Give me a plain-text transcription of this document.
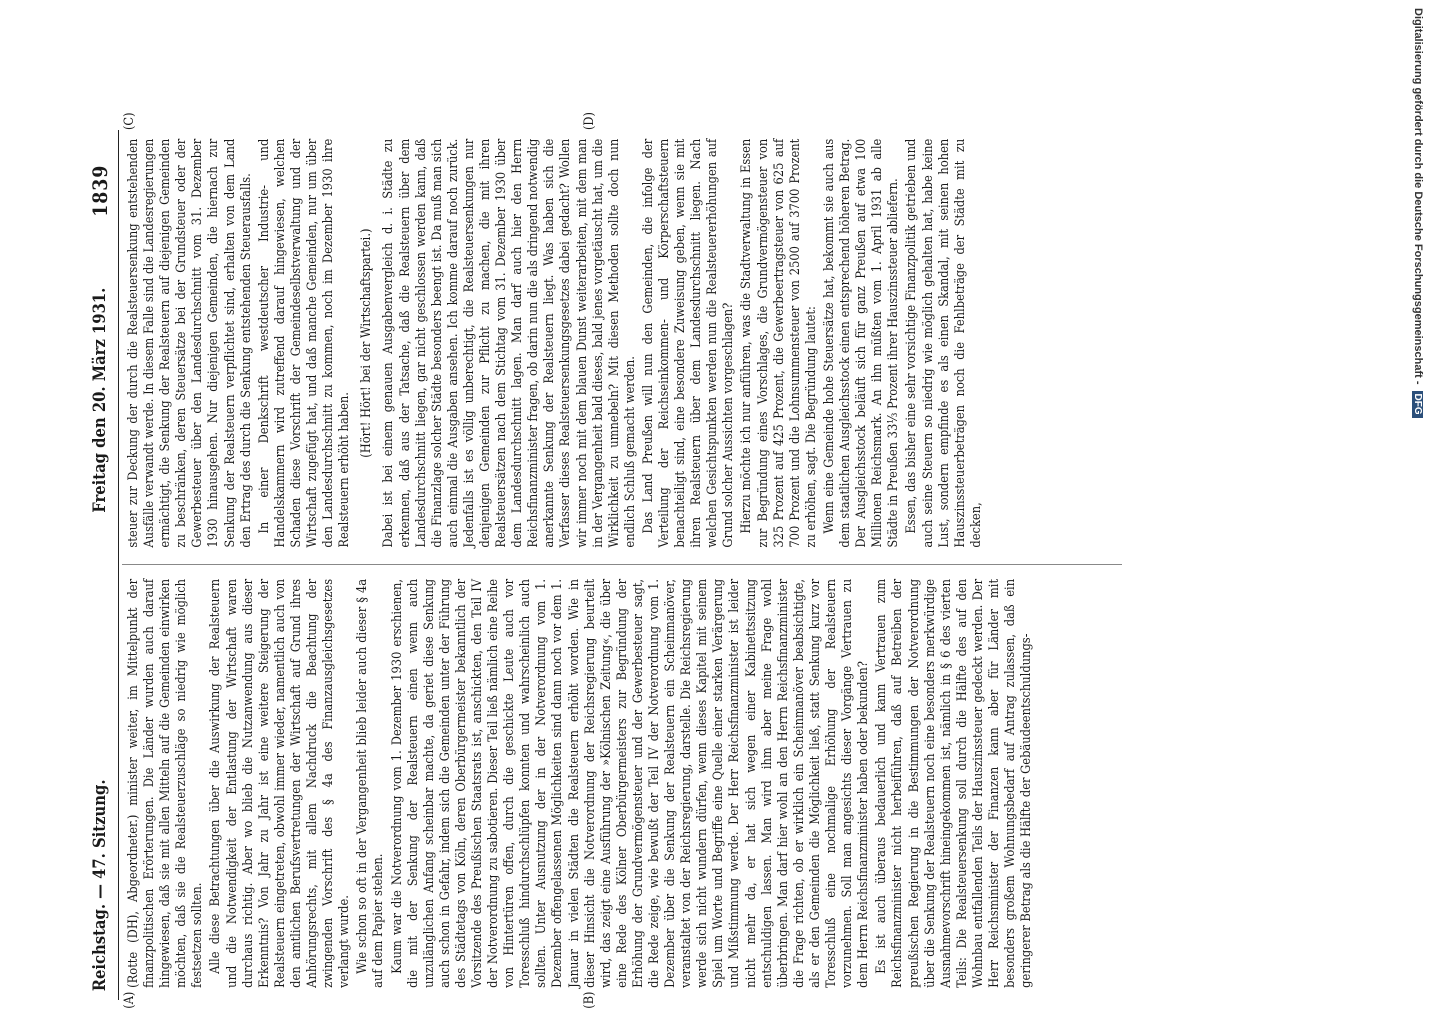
Reichstag. — 47. Sitzung.
Freitag den 20. März 1931.
1839
(A)	(B)
(C)	(D)

(Rotte (DH), Abgeordneter.) minister weiter, im Mittelpunkt der finanzpolitischen Erörterungen. Die Länder wurden auch darauf hingewiesen, daß sie mit allen Mitteln auf die Gemeinden einwirken möchten, daß sie die Realsteuerzuschläge so niedrig wie möglich festsetzen sollten. Alle diese Betrachtungen über die Auswirkung der Realsteuern und die Notwendigkeit der Entlastung der Wirtschaft waren durchaus richtig. Aber wo blieb die Nutzanwendung aus dieser Erkenntnis? Von Jahr zu Jahr ist eine weitere Steigerung der Realsteuern eingetreten, obwohl immer wieder, namentlich auch von den amtlichen Berufsvertretungen der Wirtschaft auf Grund ihres Anhörungsrechts, mit allem Nachdruck die Beachtung der zwingenden Vorschrift des § 4a des Finanzausgleichsgesetzes verlangt wurde. Wie schon so oft in der Vergangenheit blieb leider auch dieser § 4a auf dem Papier stehen. Kaum war die Notverordnung vom 1. Dezember 1930 erschienen, die mit der Senkung der Realsteuern einen wenn auch unzulänglichen Anfang scheinbar machte, da geriet diese Senkung auch schon in Gefahr, indem sich die Gemeinden unter der Führung des Städtetags von Köln, deren Oberbürgermeister bekanntlich der Vorsitzende des Preußischen Staatsrats ist, anschickten, den Teil IV der Notverordnung zu sabotieren. Dieser Teil ließ nämlich eine Reihe von Hintertüren offen, durch die geschickte Leute auch vor Toresschluß hindurchschlüpfen konnten und wahrscheinlich auch sollten. Unter Ausnutzung der in der Notverordnung vom 1. Dezember offengelassenen Möglichkeiten sind dann noch vor dem 1. Januar in vielen Städten die Realsteuern erhöht worden. Wie in dieser Hinsicht die Notverordnung der Reichsregierung beurteilt wird, das zeigt eine Ausführung der »Kölnischen Zeitung«, die über eine Rede des Kölner Oberbürgermeisters zur Begründung der Erhöhung der Grundvermögensteuer und der Gewerbesteuer sagt, die Rede zeige, wie bewußt der Teil IV der Notverordnung vom 1. Dezember über die Senkung der Realsteuern ein Scheinmanöver, veranstaltet von der Reichsregierung, darstelle. Die Reichsregierung werde sich nicht wundern dürfen, wenn dieses Kapitel mit seinem Spiel um Worte und Begriffe eine Quelle einer starken Verärgerung und Mißstimmung werde. Der Herr Reichsfinanzminister ist leider nicht mehr da, er hat sich wegen einer Kabinettssitzung entschuldigen lassen. Man wird ihm aber meine Frage wohl überbringen. Man darf hier wohl an den Herrn Reichsfinanzminister die Frage richten, ob er wirklich ein Scheinmanöver beabsichtigte, als er den Gemeinden die Möglichkeit ließ, statt Senkung kurz vor Toresschluß eine nochmalige Erhöhung der Realsteuern vorzunehmen. Soll man angesichts dieser Vorgänge Vertrauen zu dem Herrn Reichsfinanzminister haben oder bekunden? Es ist auch überaus bedauerlich und kann Vertrauen zum Reichsfinanzminister nicht herbeiführen, daß auf Betreiben der preußischen Regierung in die Bestimmungen der Notverordnung über die Senkung der Realsteuern noch eine besonders merkwürdige Ausnahmevorschrift hineingekommen ist, nämlich in § 6 des vierten Teils: Die Realsteuersenkung soll durch die Hälfte des auf den Wohnbau entfallenden Teils der Hauszinssteuer gedeckt werden. Der Herr Reichsminister der Finanzen kann aber für Länder mit besonders großem Wohnungsbedarf auf Antrag zulassen, daß ein geringerer Betrag als die Hälfte der Gebäudeentschuldungs-

steuer zur Deckung der durch die Realsteuersenkung entstehenden Ausfälle verwandt werde. In diesem Falle sind die Landesregierungen ermächtigt, die Senkung der Realsteuern auf diejenigen Gemeinden zu beschränken, deren Steuersätze bei der Grundsteuer oder der Gewerbesteuer über den Landesdurchschnitt vom 31. Dezember 1930 hinausgehen. Nur diejenigen Gemeinden, die hiernach zur Senkung der Realsteuern verpflichtet sind, erhalten von dem Land den Ertrag des durch die Senkung entstehenden Steuerausfalls. In einer Denkschrift westdeutscher Industrie- und Handelskammern wird zutreffend darauf hingewiesen, welchen Schaden diese Vorschrift der Gemeindeselbstverwaltung und der Wirtschaft zugefügt hat, und daß manche Gemeinden, nur um über den Landesdurchschnitt zu kommen, noch im Dezember 1930 ihre Realsteuern erhöht haben.

(Hört! Hört! bei der Wirtschaftspartei.) Dabei ist bei einem genauen Ausgabenvergleich d. i. Städte zu erkennen, daß aus der Tatsache, daß die Realsteuern über dem Landesdurchschnitt liegen, gar nicht geschlossen werden kann, daß die Finanzlage solcher Städte besonders beengt ist. Da muß man sich auch einmal die Ausgaben ansehen. Ich komme darauf noch zurück. Jedenfalls ist es völlig unberechtigt, die Realsteuersenkungen nur denjenigen Gemeinden zur Pflicht zu machen, die mit ihren Realsteuersätzen nach dem Stichtag vom 31. Dezember 1930 über dem Landesdurchschnitt lagen. Man darf auch hier den Herrn Reichsfinanzminister fragen, ob darin nun die als dringend notwendig anerkannte Senkung der Realsteuern liegt. Was haben sich die Verfasser dieses Realsteuersenkungsgesetzes dabei gedacht? Wollen wir immer noch mit dem blauen Dunst weiterarbeiten, mit dem man in der Vergangenheit bald dieses, bald jenes vorgetäuscht hat, um die Wirklichkeit zu umnebeln? Mit diesen Methoden sollte doch nun endlich Schluß gemacht werden. Das Land Preußen will nun den Gemeinden, die infolge der Verteilung der Reichseinkommen- und Körperschaftsteuern benachteiligt sind, eine besondere Zuweisung geben, wenn sie mit ihren Realsteuern über dem Landesdurchschnitt liegen. Nach welchen Gesichtspunkten werden nun die Realsteuererhöhungen auf Grund solcher Aussichten vorgeschlagen? Hierzu möchte ich nur anführen, was die Stadtverwaltung in Essen zur Begründung eines Vorschlages, die Grundvermögensteuer von 325 Prozent auf 425 Prozent, die Gewerbeertragsteuer von 625 auf 700 Prozent und die Lohnsummensteuer von 2500 auf 3700 Prozent zu erhöhen, sagt. Die Begründung lautet: Wenn eine Gemeinde hohe Steuersätze hat, bekommt sie auch aus dem staatlichen Ausgleichsstock einen entsprechend höheren Betrag. Der Ausgleichsstock beläuft sich für ganz Preußen auf etwa 100 Millionen Reichsmark. An ihn müßten vom 1. April 1931 ab alle Städte in Preußen 33⅓ Prozent ihrer Hauszinssteuer abliefern. Essen, das bisher eine sehr vorsichtige Finanzpolitik getrieben und auch seine Steuern so niedrig wie möglich gehalten hat, habe keine Lust, sondern empfinde es als einen Skandal, mit seinen hohen Hauszinssteuerbeträgen noch die Fehlbeträge der Städte mit zu decken,

Digitalisierung gefördert durch die Deutsche Forschungsgemeinschaft -DFG
